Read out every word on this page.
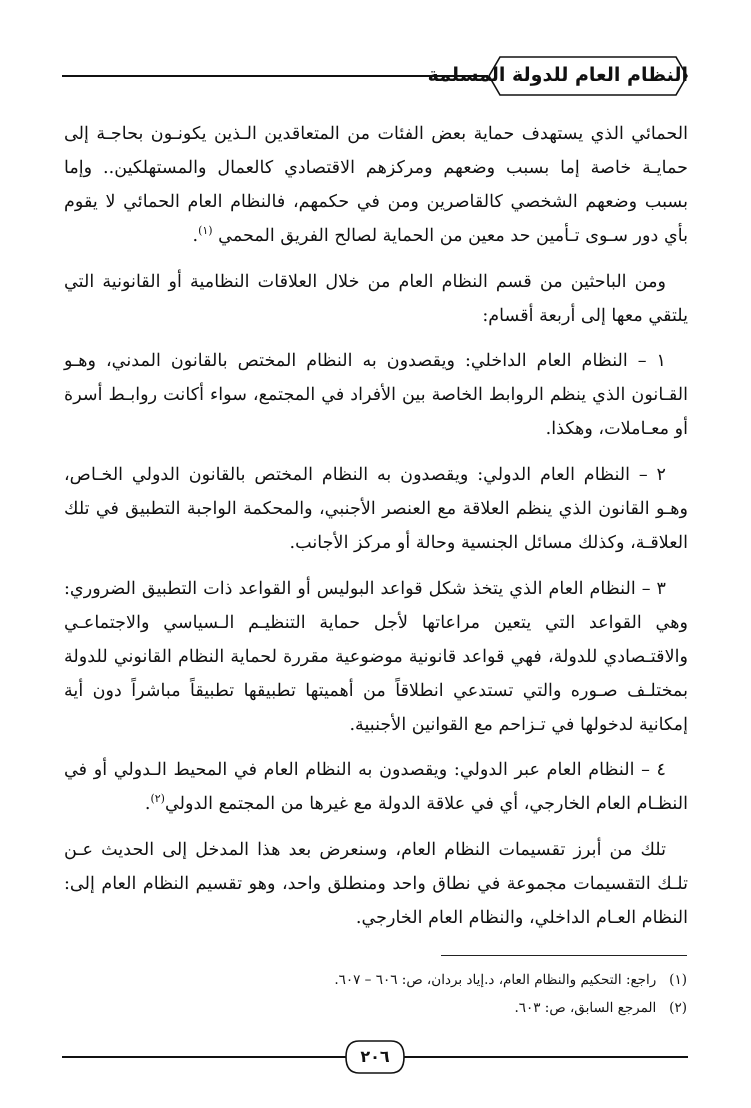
النظام العام للدولة المسلمة

الحمائي الذي يستهدف حماية بعض الفئات من المتعاقدين الـذين يكونـون بحاجـة إلى حمايـة خاصة إما بسبب وضعهم ومركزهم الاقتصادي كالعمال والمستهلكين.. وإما بسبب وضعهم الشخصي كالقاصرين ومن في حكمهم، فالنظام العام الحمائي لا يقوم بأي دور سـوى تـأمين حد معين من الحماية لصالح الفريق المحمي $^{(١)}$.

ومن الباحثين من قسم النظام العام من خلال العلاقات النظامية أو القانونية التي يلتقي معها إلى أربعة أقسام:

١ – النظام العام الداخلي: ويقصدون به النظام المختص بالقانون المدني، وهـو القـانون الذي ينظم الروابط الخاصة بين الأفراد في المجتمع، سواء أكانت روابـط أسرة أو معـاملات، وهكذا.

٢ – النظام العام الدولي: ويقصدون به النظام المختص بالقانون الدولي الخـاص، وهـو القانون الذي ينظم العلاقة مع العنصر الأجنبي، والمحكمة الواجبة التطبيق في تلك العلاقـة، وكذلك مسائل الجنسية وحالة أو مركز الأجانب.

٣ – النظام العام الذي يتخذ شكل قواعد البوليس أو القواعد ذات التطبيق الضروري: وهي القواعد التي يتعين مراعاتها لأجل حماية التنظيـم الـسياسي والاجتماعـي والاقتـصادي للدولة، فهي قواعد قانونية موضوعية مقررة لحماية النظام القانوني للدولة بمختلـف صـوره والتي تستدعي انطلاقاً من أهميتها تطبيقها تطبيقاً مباشراً دون أية إمكانية لدخولها في تـزاحم مع القوانين الأجنبية.

٤ – النظام العام عبر الدولي: ويقصدون به النظام العام في المحيط الـدولي أو في النظـام العام الخارجي، أي في علاقة الدولة مع غيرها من المجتمع الدولي$^{(٢)}$.

تلك من أبرز تقسيمات النظام العام، وسنعرض بعد هذا المدخل إلى الحديث عـن تلـك التقسيمات مجموعة في نطاق واحد ومنطلق واحد، وهو تقسيم النظام العام إلى: النظام العـام الداخلي، والنظام العام الخارجي.

(١)   راجع: التحكيم والنظام العام، د.إياد بردان، ص: ٦٠٦ – ٦٠٧.
(٢)   المرجع السابق، ص: ٦٠٣.
٢٠٦
